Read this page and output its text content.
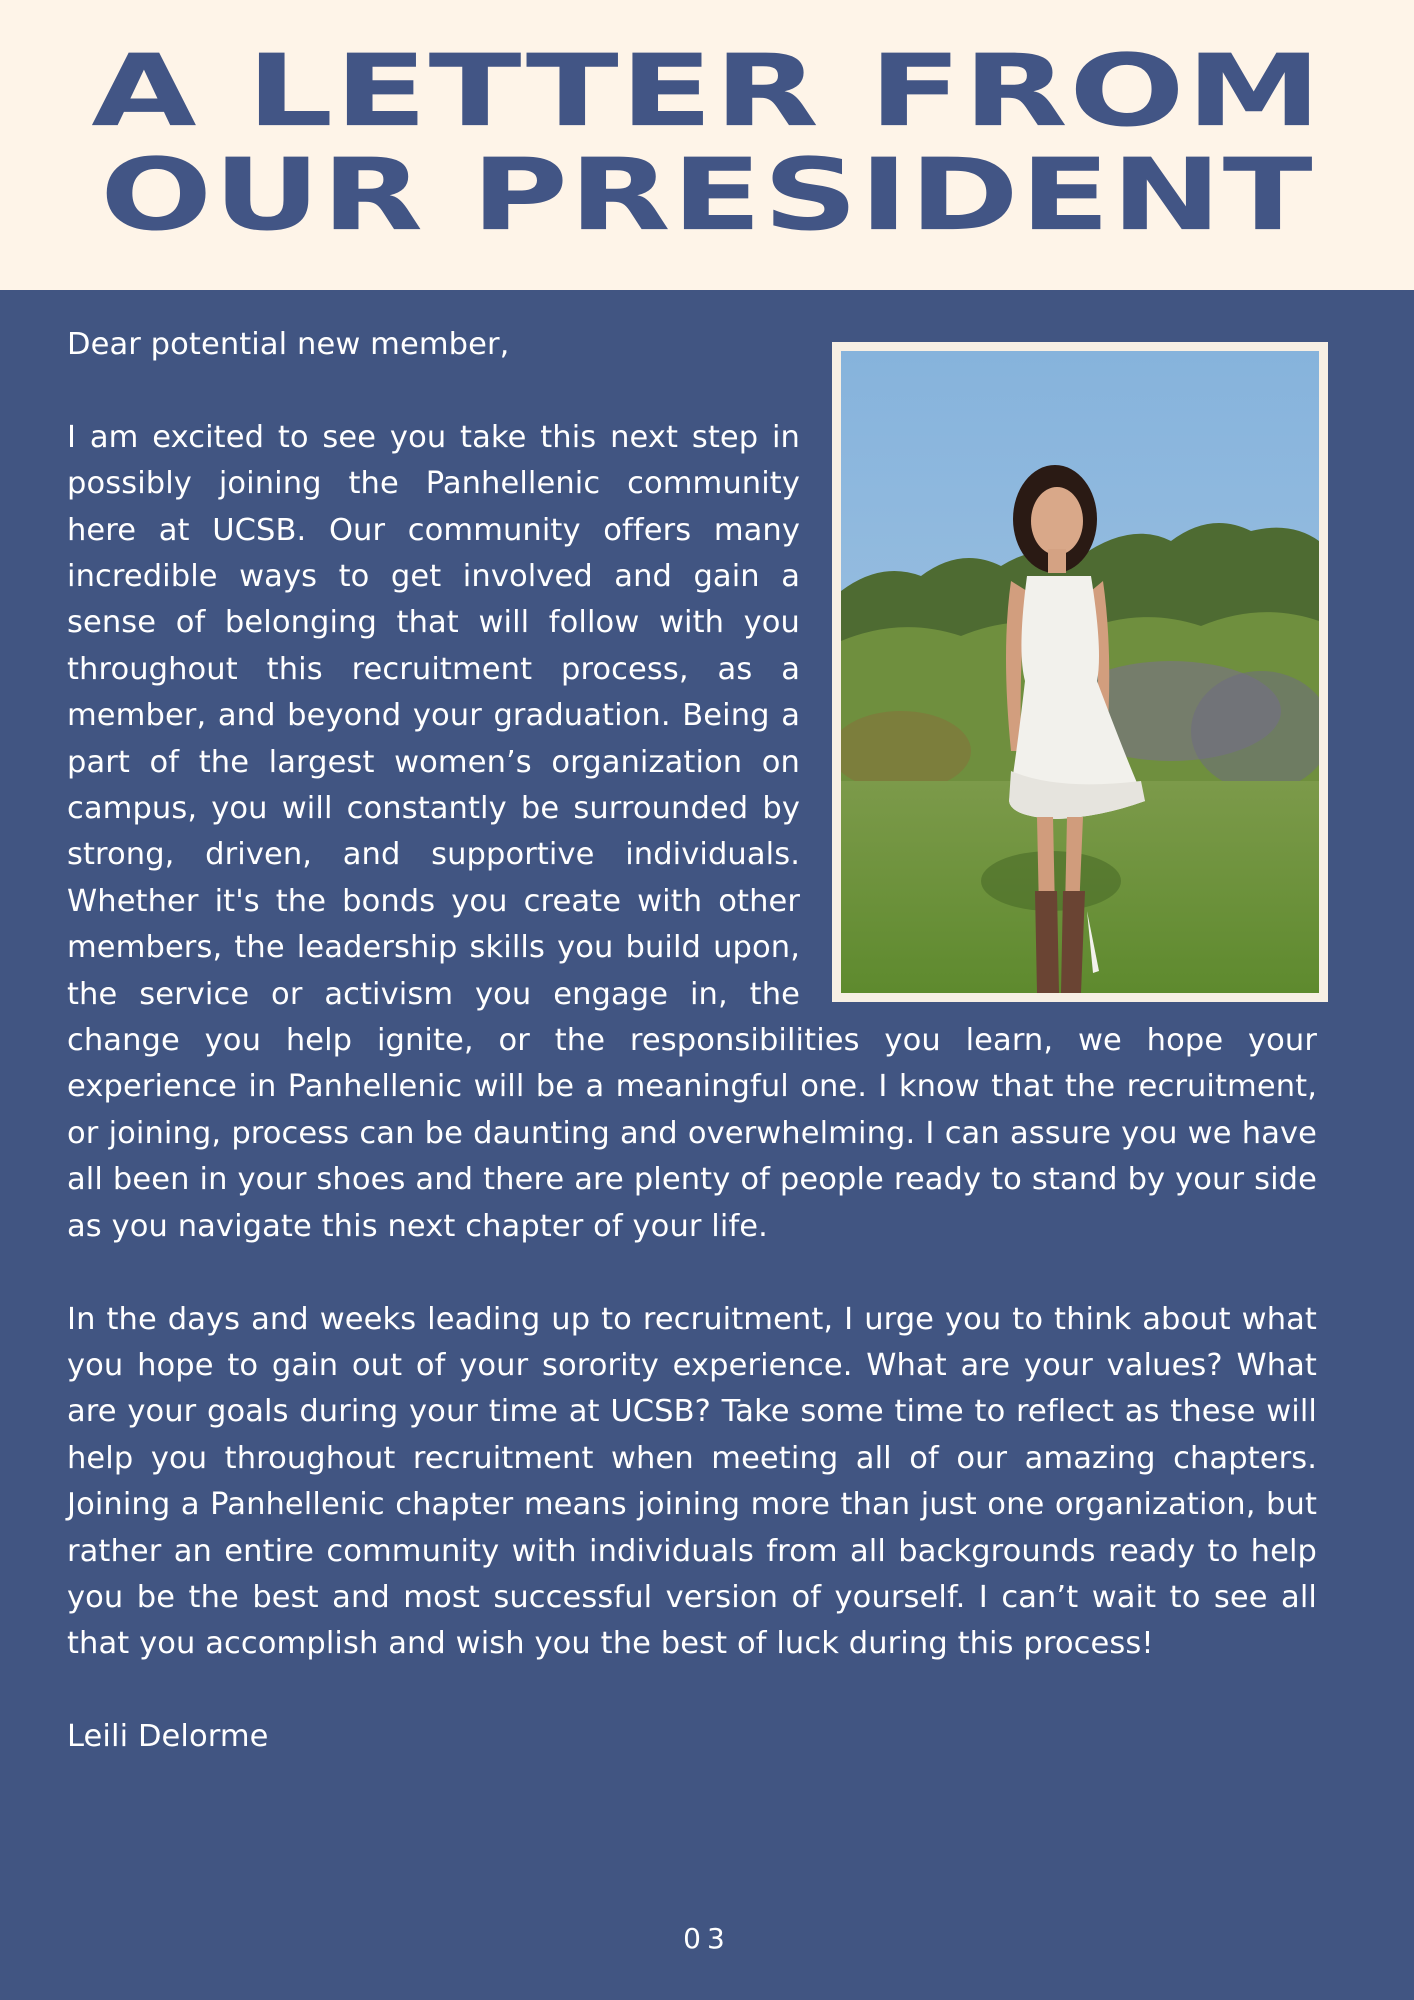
A LETTER FROM
OUR PRESIDENT

Dear potential new member,

I am excited to see you take this next step in possibly joining the Panhellenic community here at UCSB. Our community offers many incredible ways to get involved and gain a sense of belonging that will follow with you throughout this recruitment process, as a member, and beyond your graduation. Being a part of the largest women’s organization on campus, you will constantly be surrounded by strong, driven, and supportive individuals. Whether it's the bonds you create with other members, the leadership skills you build upon, the service or activism you engage in, the change you help ignite, or the responsibilities you learn, we hope your experience in Panhellenic will be a meaningful one. I know that the recruitment, or joining, process can be daunting and overwhelming. I can assure you we have all been in your shoes and there are plenty of people ready to stand by your side as you navigate this next chapter of your life.

In the days and weeks leading up to recruitment, I urge you to think about what you hope to gain out of your sorority experience. What are your values? What are your goals during your time at UCSB? Take some time to reflect as these will help you throughout recruitment when meeting all of our amazing chapters. Joining a Panhellenic chapter means joining more than just one organization, but rather an entire community with individuals from all backgrounds ready to help you be the best and most successful version of yourself. I can’t wait to see all that you accomplish and wish you the best of luck during this process!

Leili Delorme

03
